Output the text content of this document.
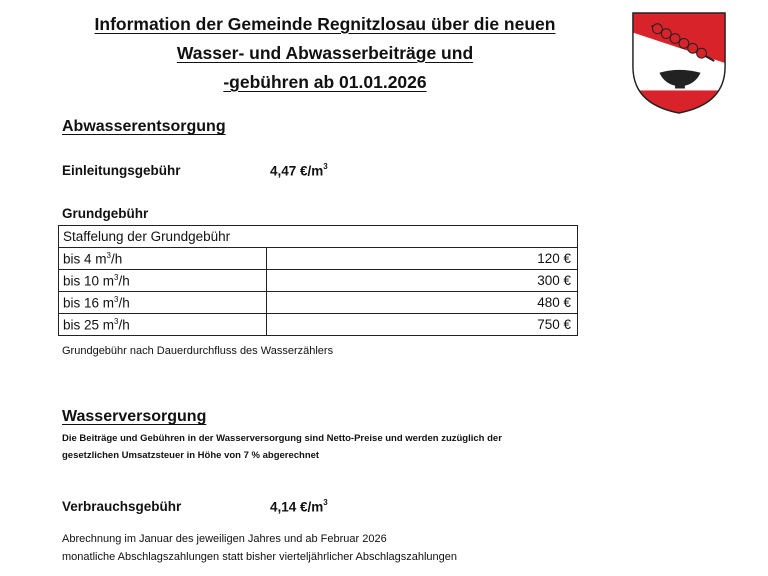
Information der Gemeinde Regnitzlosau über die neuen
Wasser- und Abwasserbeiträge und
-gebühren ab 01.01.2026
Abwasserentsorgung
Einleitungsgebühr	4,47 $€/m^3$
Grundgebühr
Staffelung der Grundgebühr	
bis 4 $m^3/h$	120 €
bis 10 $m^3/h$	300 €
bis 16 $m^3/h$	480 €
bis 25 $m^3/h$	750 €
Grundgebühr nach Dauerdurchfluss des Wasserzählers
Wasserversorgung
Die Beiträge und Gebühren in der Wasserversorgung sind Netto-Preise und werden zuzüglich der
gesetzlichen Umsatzsteuer in Höhe von 7 % abgerechnet
Verbrauchsgebühr	4,14 $€/m^3$
Abrechnung im Januar des jeweiligen Jahres und ab Februar 2026
monatliche Abschlagszahlungen statt bisher vierteljährlicher Abschlagszahlungen
